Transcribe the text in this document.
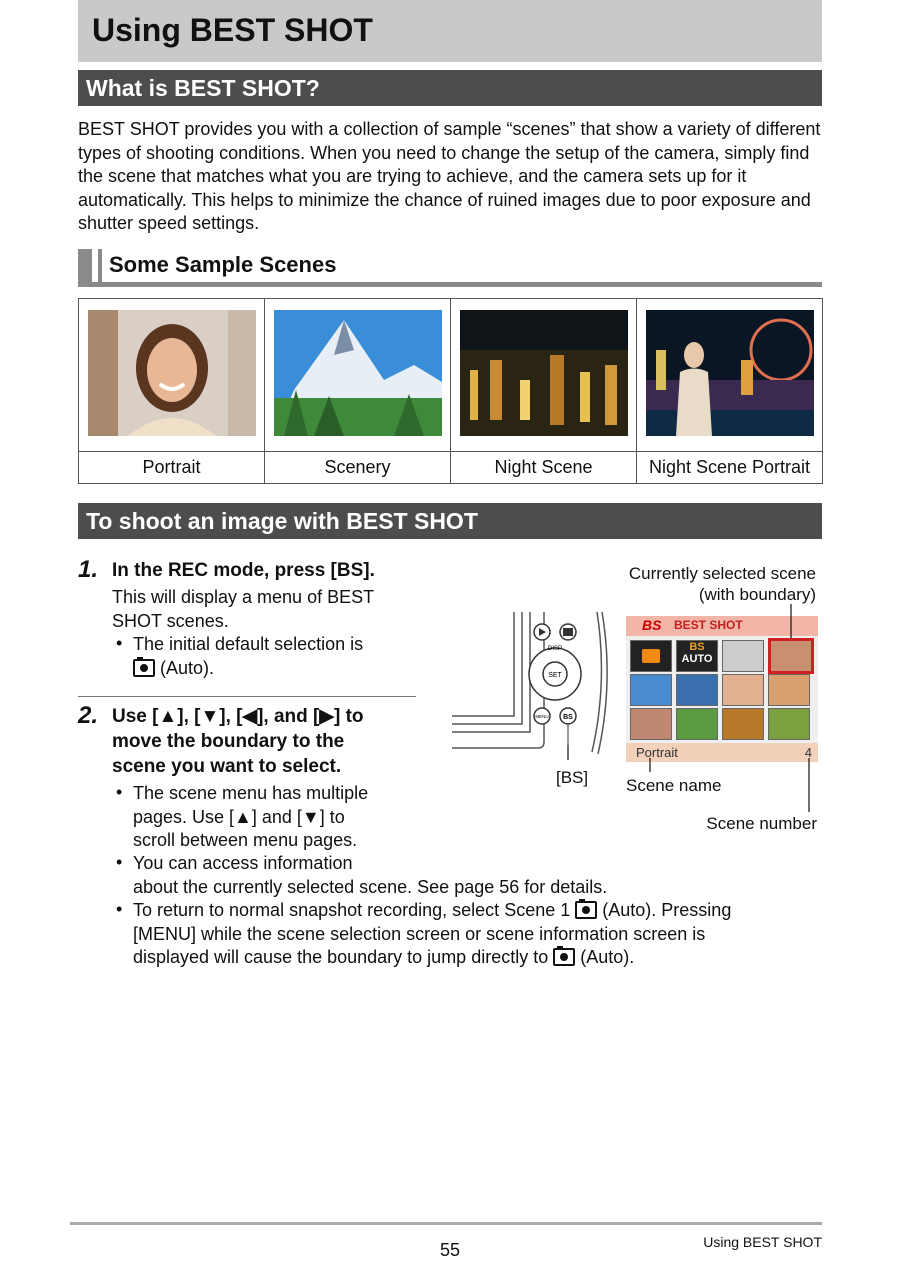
Using BEST SHOT
What is BEST SHOT?
BEST SHOT provides you with a collection of sample “scenes” that show a variety of different types of shooting conditions. When you need to change the setup of the camera, simply find the scene that matches what you are trying to achieve, and the camera sets up for it automatically. This helps to minimize the chance of ruined images due to poor exposure and shutter speed settings.
Some Sample Scenes

Portrait	Scenery	Night Scene	Night Scene Portrait
To shoot an image with BEST SHOT
1. In the REC mode, press [BS].
This will display a menu of BEST SHOT scenes.
• The initial default selection is
(Auto).
2. Use [▲], [▼], [◀], and [▶] to
move the boundary to the
scene you want to select.
• The scene menu has multiple
pages. Use [▲] and [▼] to
scroll between menu pages.
• You can access information
about the currently selected scene. See page 56 for details.
• To return to normal snapshot recording, select Scene 1 (Auto). Pressing
[MENU] while the scene selection screen or scene information screen is
displayed will cause the boundary to jump directly to (Auto).
Currently selected scene
(with boundary)
DISP
SET
MENU BS
BS BEST SHOT
BS
AUTO
Portrait	4
[BS] Scene name
Scene number
55	Using BEST SHOT
